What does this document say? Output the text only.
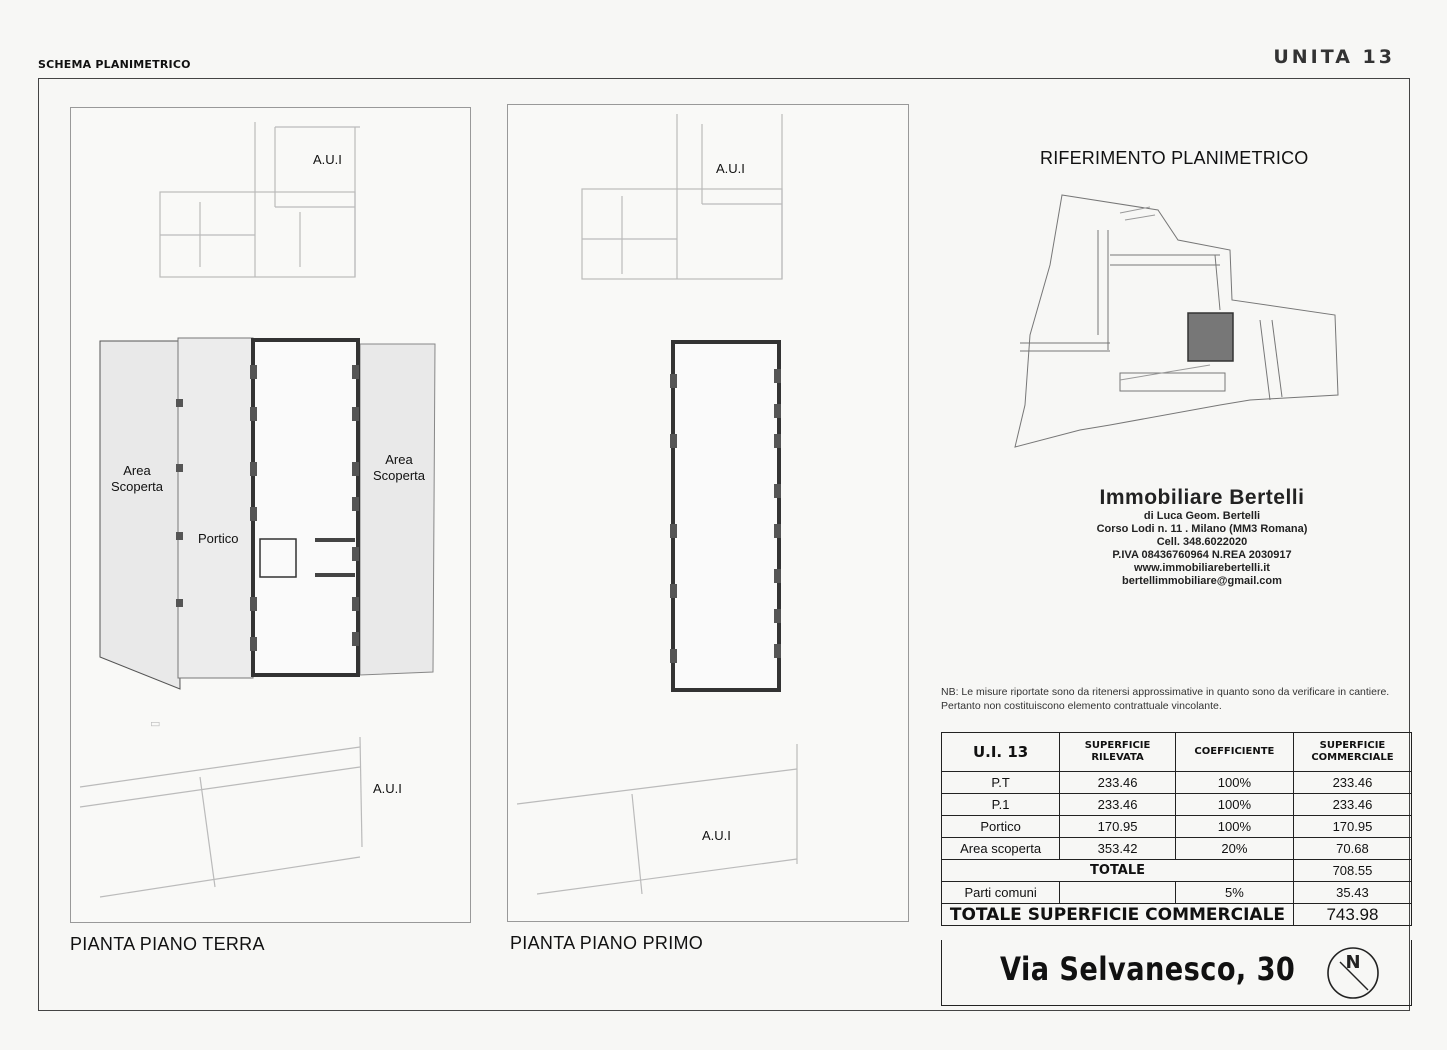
SCHEMA PLANIMETRICO	UNITA 13
▭
A.U.I
Area
Scoperta
Area
Scoperta
Portico
A.U.I
PIANTA PIANO TERRA
A.U.I
A.U.I
PIANTA PIANO PRIMO
RIFERIMENTO PLANIMETRICO
Immobiliare Bertelli
di Luca Geom. Bertelli
Corso Lodi n. 11 . Milano (MM3 Romana)
Cell. 348.6022020
P.IVA 08436760964 N.REA 2030917
www.immobiliarebertelli.it
bertellimmobiliare@gmail.com
NB: Le misure riportate sono da ritenersi approssimative in quanto sono da verificare in cantiere. Pertanto non costituiscono elemento contrattuale vincolante.
U.I. 13	SUPERFICIE RILEVATA	COEFFICIENTE	SUPERFICIE COMMERCIALE
P.T	233.46	100%	233.46
P.1	233.46	100%	233.46
Portico	170.95	100%	170.95
Area scoperta	353.42	20%	70.68
	TOTALE		708.55
Parti comuni		5%	35.43
TOTALE SUPERFICIE COMMERCIALE			743.98
Via Selvanesco, 30	N
